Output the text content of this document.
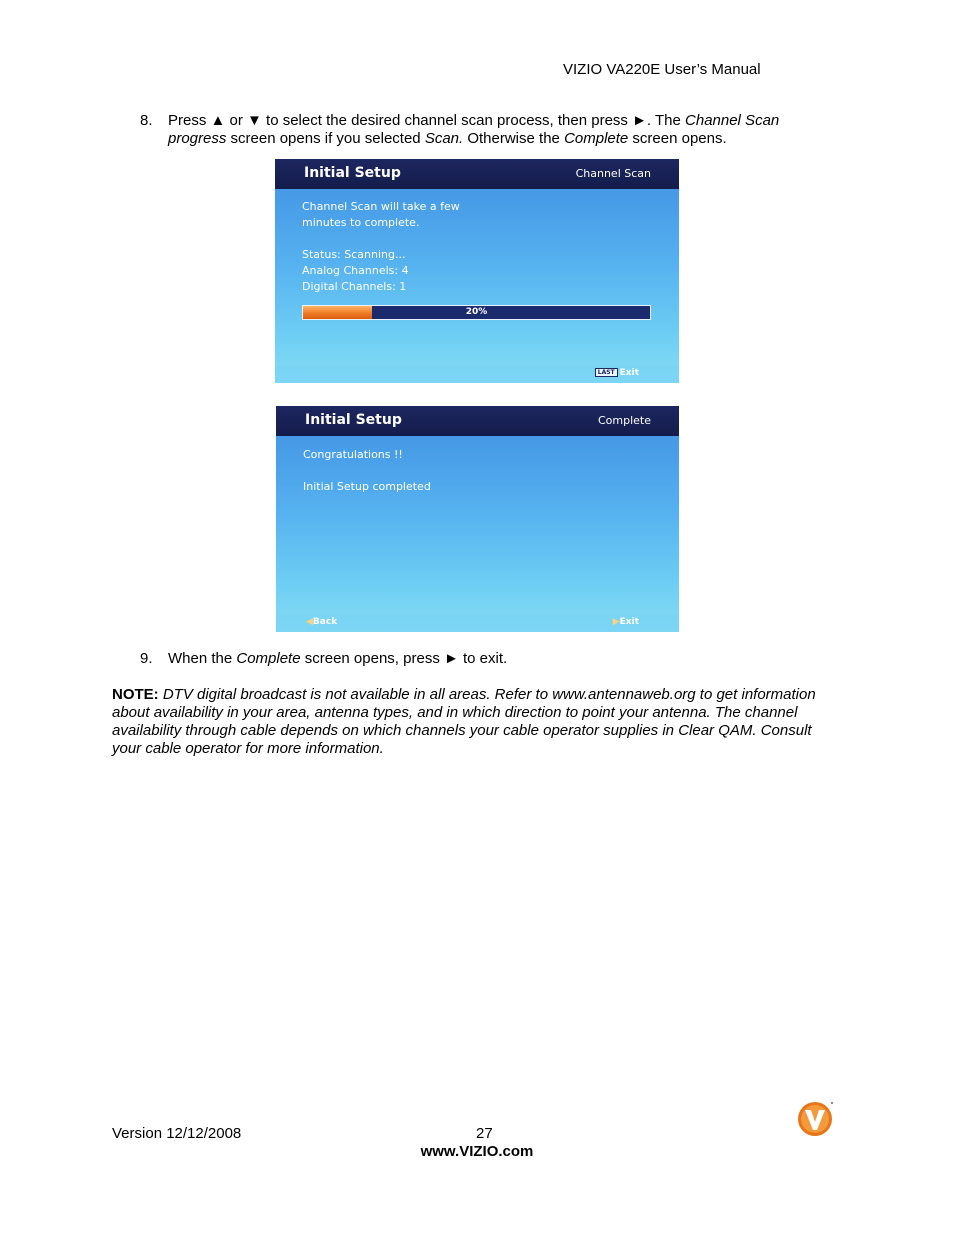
VIZIO VA220E User’s Manual
8. Press ▲ or ▼ to select the desired channel scan process, then press ►. The Channel Scan progress screen opens if you selected Scan. Otherwise the Complete screen opens.
Initial Setup	Channel Scan
Channel Scan will take a few
minutes to complete.
Status: Scanning...
Analog Channels: 4
Digital Channels: 1
20%
LAST Exit
Initial Setup	Complete
Congratulations !!
Initial Setup completed
◀Back	▶Exit
9. When the Complete screen opens, press ► to exit.
NOTE: DTV digital broadcast is not available in all areas. Refer to www.antennaweb.org to get information about availability in your area, antenna types, and in which direction to point your antenna. The channel availability through cable depends on which channels your cable operator supplies in Clear QAM. Consult your cable operator for more information.
Version 12/12/2008	27
www.VIZIO.com
